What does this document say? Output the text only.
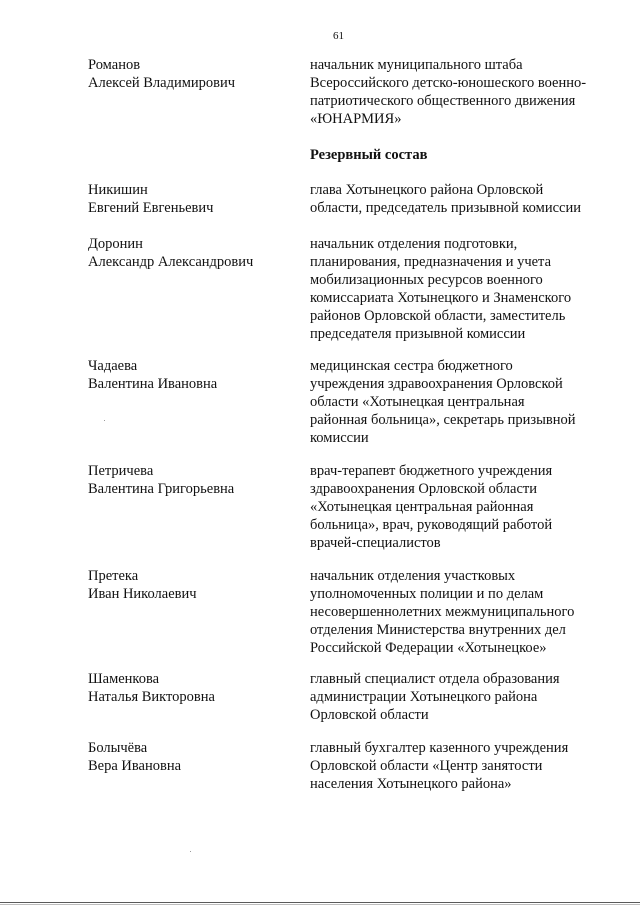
61
Романов
Алексей Владимирович
начальник муниципального штаба
Всероссийского детско-юношеского военно-
патриотического общественного движения
«ЮНАРМИЯ»
Резервный состав
Никишин
Евгений Евгеньевич
глава Хотынецкого района Орловской
области, председатель призывной комиссии
Доронин
Александр Александрович
начальник отделения подготовки,
планирования, предназначения и учета
мобилизационных ресурсов военного
комиссариата Хотынецкого и Знаменского
районов Орловской области, заместитель
председателя призывной комиссии
Чадаева
Валентина Ивановна
медицинская сестра бюджетного
учреждения здравоохранения Орловской
области «Хотынецкая центральная
районная больница», секретарь призывной
комиссии
Петричева
Валентина Григорьевна
врач-терапевт бюджетного учреждения
здравоохранения Орловской области
«Хотынецкая центральная районная
больница», врач, руководящий работой
врачей-специалистов
Претека
Иван Николаевич
начальник отделения участковых
уполномоченных полиции и по делам
несовершеннолетних межмуниципального
отделения Министерства внутренних дел
Российской Федерации «Хотынецкое»
Шаменкова
Наталья Викторовна
главный специалист отдела образования
администрации Хотынецкого района
Орловской области
Болычёва
Вера Ивановна
главный бухгалтер казенного учреждения
Орловской области «Центр занятости
населения Хотынецкого района»
